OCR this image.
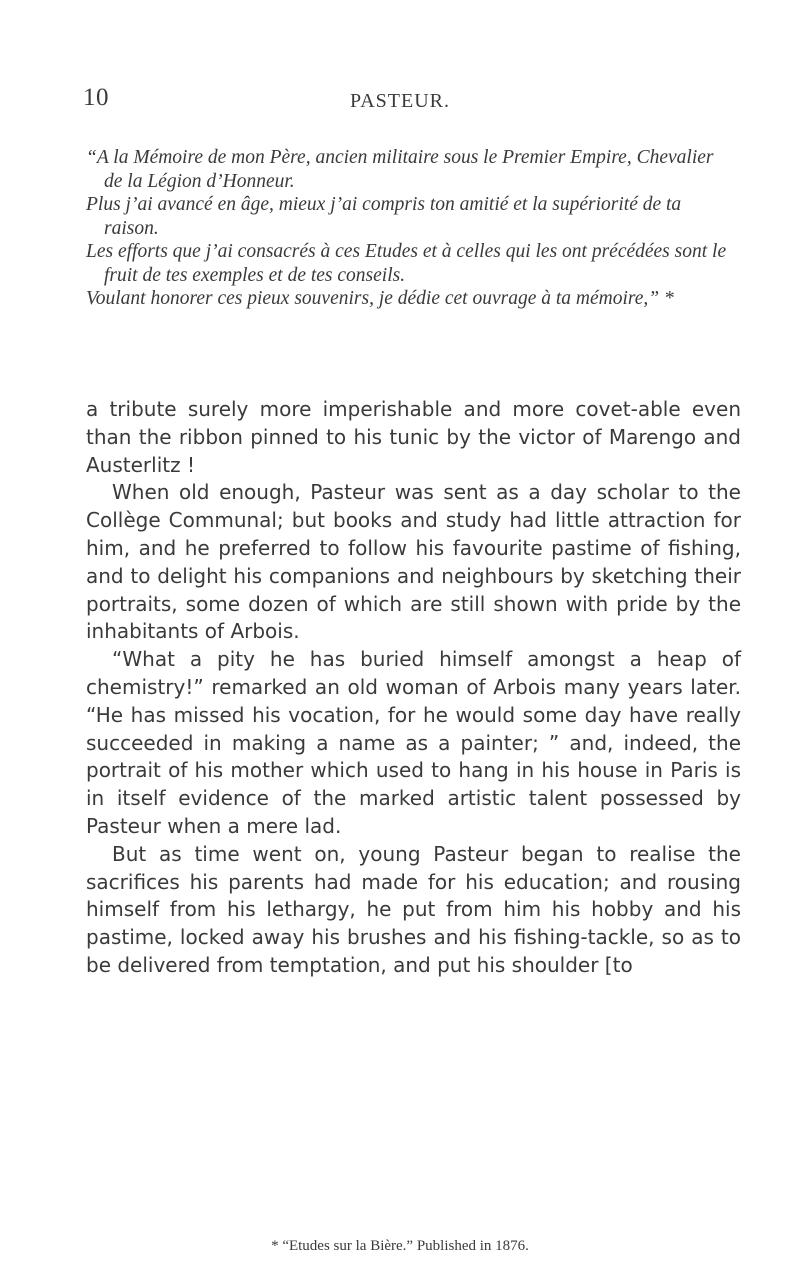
10	PASTEUR.

“A la Mémoire de mon Père, ancien militaire sous le Premier Empire, Chevalier de la Légion d’Honneur.

Plus j’ai avancé en âge, mieux j’ai compris ton amitié et la supériorité de ta raison.

Les efforts que j’ai consacrés à ces Etudes et à celles qui les ont précédées sont le fruit de tes exemples et de tes conseils.

Voulant honorer ces pieux souvenirs, je dédie cet ouvrage à ta mémoire,” *

a tribute surely more imperishable and more covet-able even than the ribbon pinned to his tunic by the victor of Marengo and Austerlitz !

When old enough, Pasteur was sent as a day scholar to the Collège Communal; but books and study had little attraction for him, and he preferred to follow his favourite pastime of fishing, and to delight his companions and neighbours by sketching their portraits, some dozen of which are still shown with pride by the inhabitants of Arbois.

“What a pity he has buried himself amongst a heap of chemistry!” remarked an old woman of Arbois many years later. “He has missed his vocation, for he would some day have really succeeded in making a name as a painter; ” and, indeed, the portrait of his mother which used to hang in his house in Paris is in itself evidence of the marked artistic talent possessed by Pasteur when a mere lad.

But as time went on, young Pasteur began to realise the sacrifices his parents had made for his education; and rousing himself from his lethargy, he put from him his hobby and his pastime, locked away his brushes and his fishing-tackle, so as to be delivered from temptation, and put his shoulder [to

* “Etudes sur la Bière.” Published in 1876.
